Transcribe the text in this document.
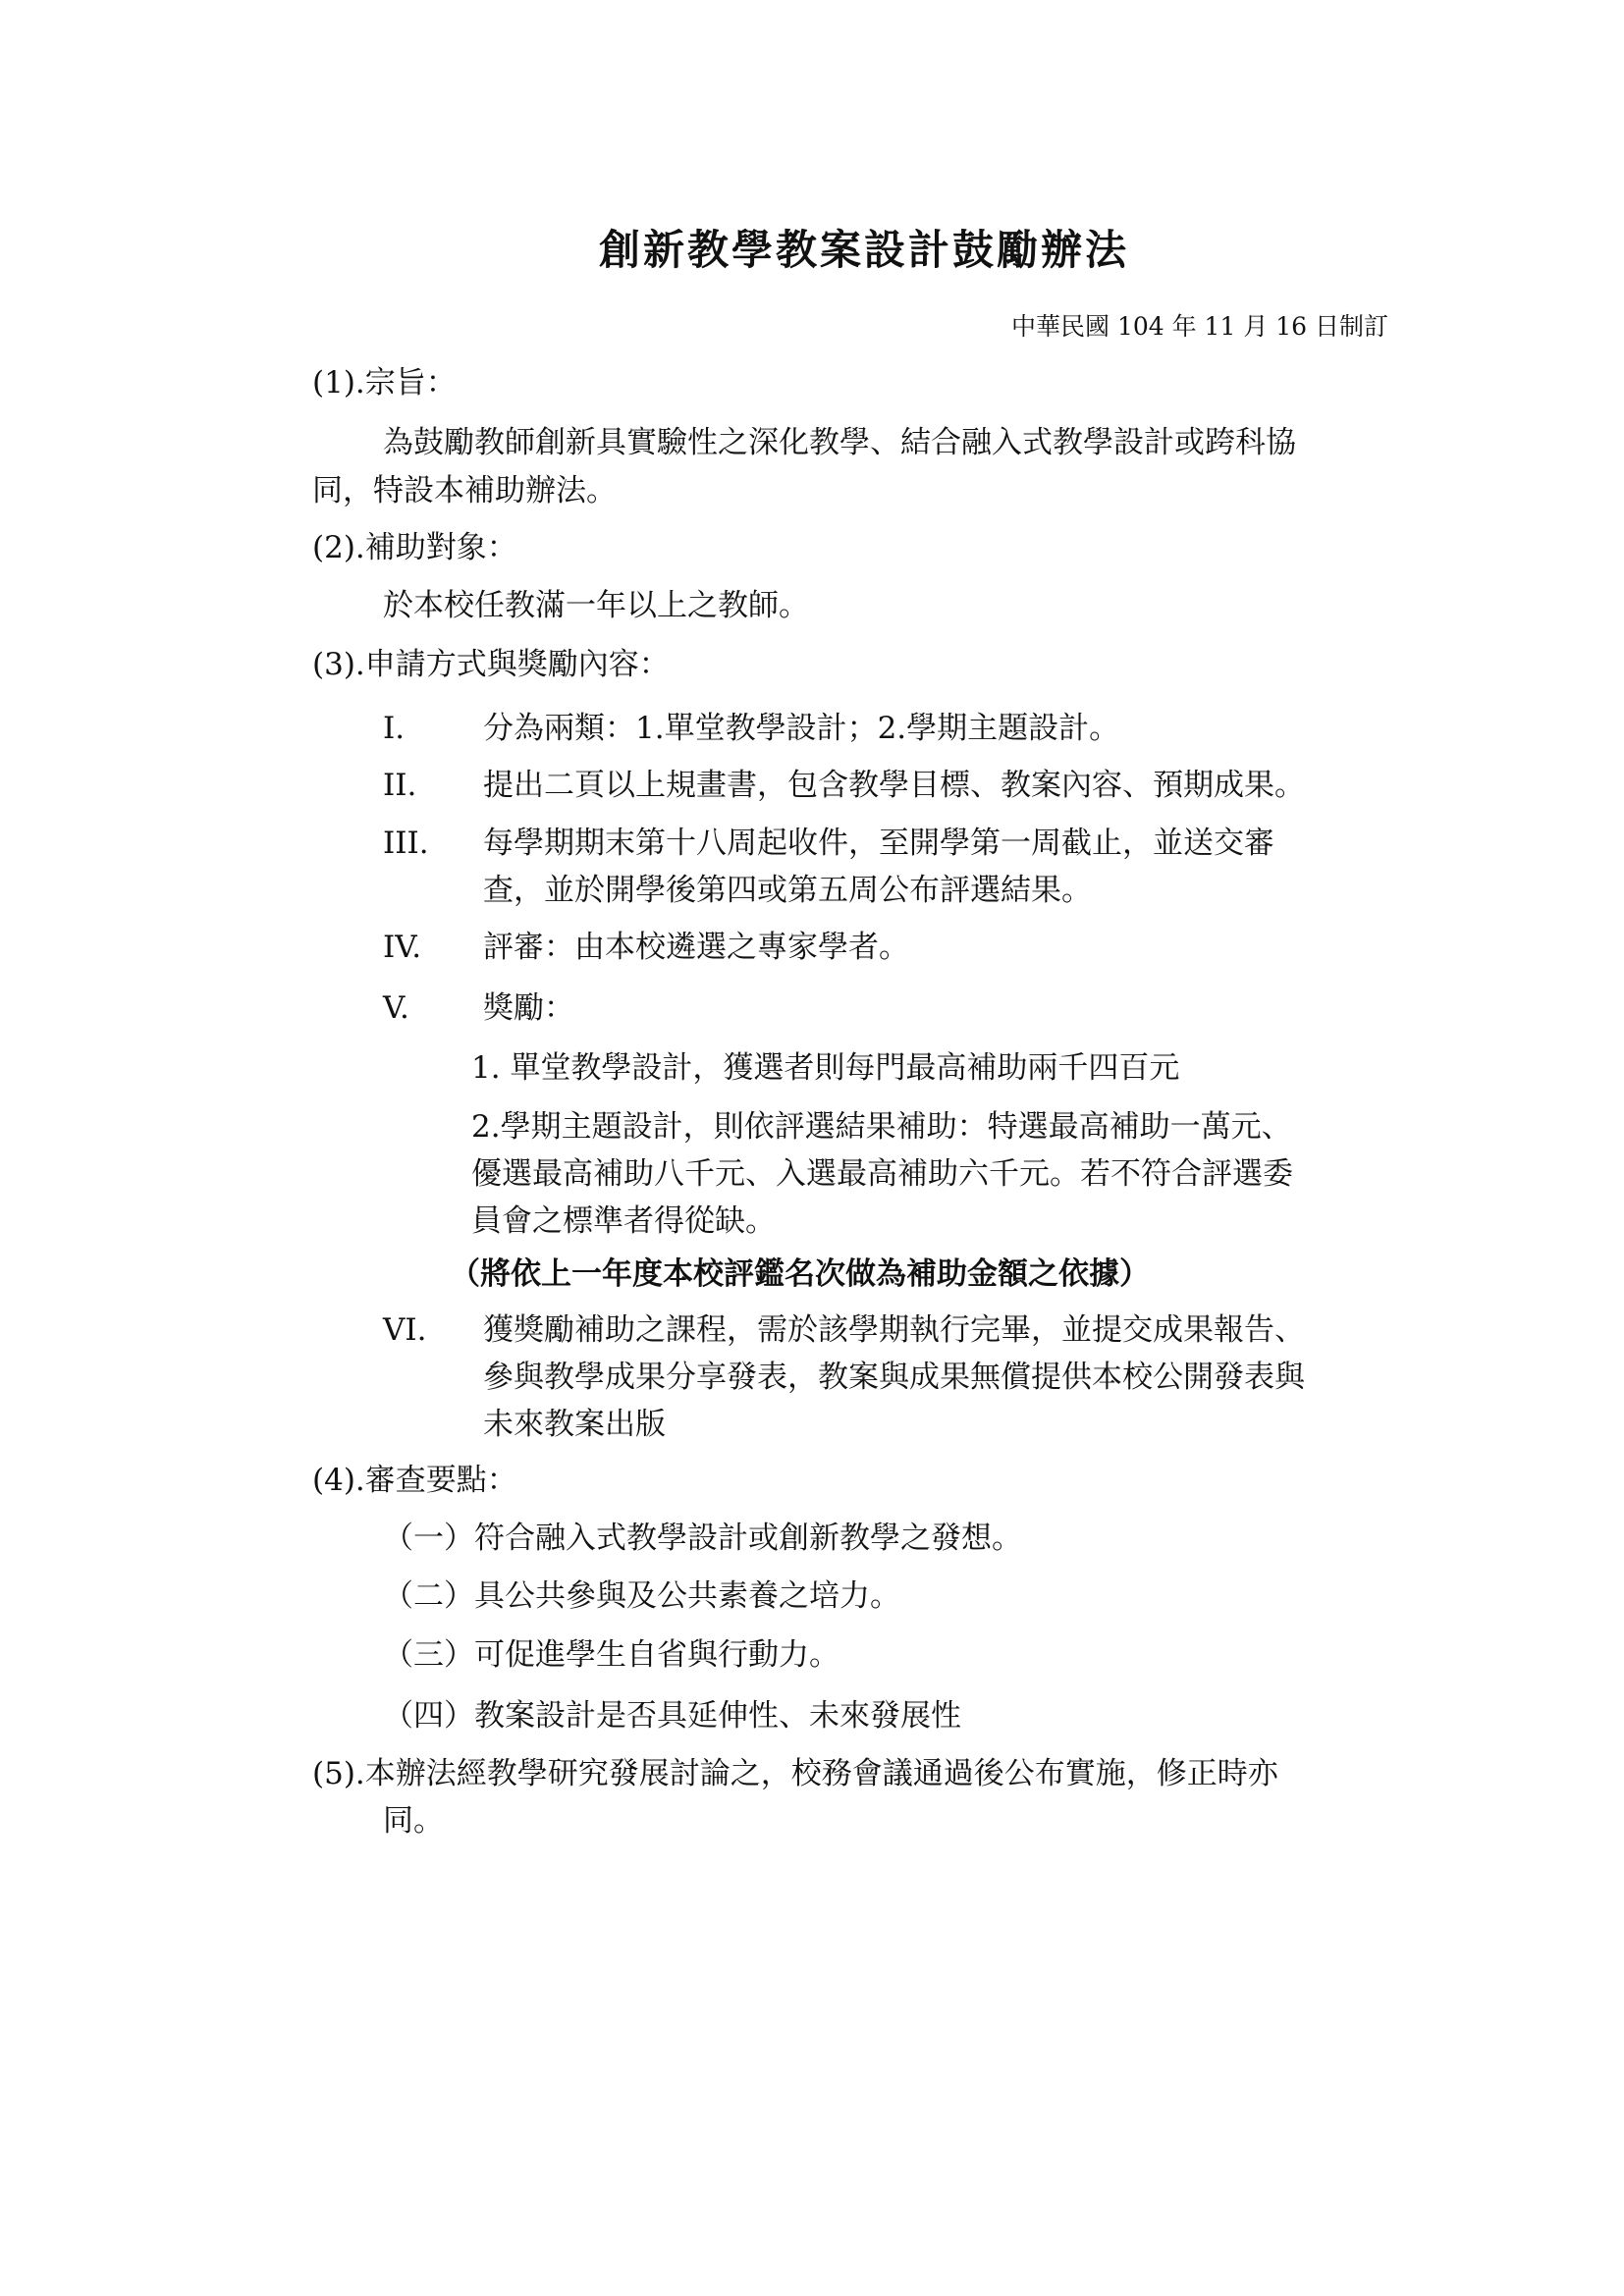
創新教學教案設計鼓勵辦法
中華民國 104 年 11 月 16 日制訂
(1).宗旨：
為鼓勵教師創新具實驗性之深化教學、結合融入式教學設計或跨科協
同，特設本補助辦法。
(2).補助對象：
於本校任教滿一年以上之教師。
(3).申請方式與獎勵內容：
I.	分為兩類：1.單堂教學設計；2.學期主題設計。
II. 提出二頁以上規畫書，包含教學目標、教案內容、預期成果。
III. 每學期期末第十八周起收件，至開學第一周截止，並送交審
查，並於開學後第四或第五周公布評選結果。
IV. 評審：由本校遴選之專家學者。
V. 獎勵：
1. 單堂教學設計，獲選者則每門最高補助兩千四百元
2.學期主題設計，則依評選結果補助：特選最高補助一萬元、
優選最高補助八千元、入選最高補助六千元。若不符合評選委
員會之標準者得從缺。
（將依上一年度本校評鑑名次做為補助金額之依據）
VI. 獲獎勵補助之課程，需於該學期執行完畢，並提交成果報告、
參與教學成果分享發表，教案與成果無償提供本校公開發表與
未來教案出版
(4).審查要點：
（一）符合融入式教學設計或創新教學之發想。
（二）具公共參與及公共素養之培力。
（三）可促進學生自省與行動力。
（四）教案設計是否具延伸性、未來發展性
(5).本辦法經教學研究發展討論之，校務會議通過後公布實施，修正時亦
同。
